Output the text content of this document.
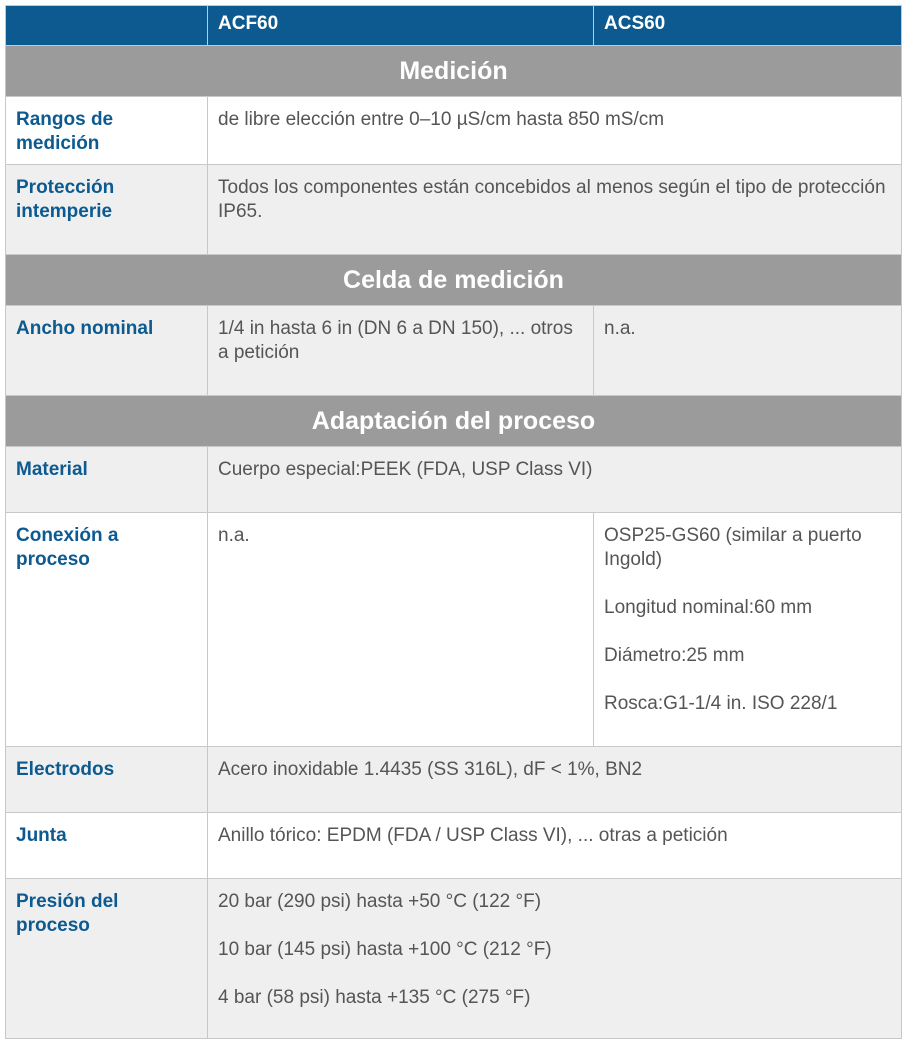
	ACF60	ACS60
Medición		
Rangos de medición	de libre elección entre 0–10 µS/cm hasta 850 mS/cm	
Protección intemperie	Todos los componentes están concebidos al menos según el tipo de protección IP65.	
Celda de medición		
Ancho nominal	1/4 in hasta 6 in (DN 6 a DN 150), ... otros a petición	n.a.
Adaptación del proceso		
Material	Cuerpo especial:PEEK (FDA, USP Class VI)	
Conexión a proceso	n.a.	OSP25-GS60 (similar a puerto Ingold)

Longitud nominal:60 mm

Diámetro:25 mm

Rosca:G1-1/4 in. ISO 228/1

Electrodos	Acero inoxidable 1.4435 (SS 316L), dF < 1%, BN2	
Junta	Anillo tórico: EPDM (FDA / USP Class VI), ... otras a petición	
Presión del proceso	20 bar (290 psi) hasta +50 °C (122 °F)

10 bar (145 psi) hasta +100 °C (212 °F)

4 bar (58 psi) hasta +135 °C (275 °F)	
